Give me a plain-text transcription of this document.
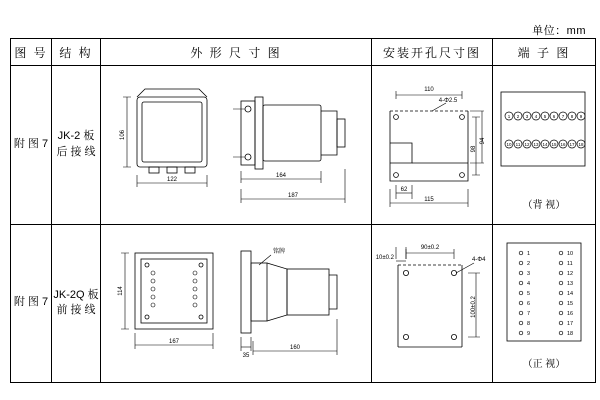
单位：mm
图 号	结 构	外 形 尺 寸 图	安装开孔尺寸图	端 子 图
附 图 7	JK-2 板 后 接 线	
106
122
164
187

110
4-Φ2.5
98
94
62
115

1 2 3 4 5 6 7 8 9
10 11 12 13 14 15 16 17 18
（背 视）

附 图 7	JK-2Q 板 前 接 线	
114
167
35
160
铭牌

90±0.2
10±0.2	4-Φ4
100±0.2

1
2
3
4
5
6
7
8
9
10
11
12
13
14
15
16
17
18
（正 视）
